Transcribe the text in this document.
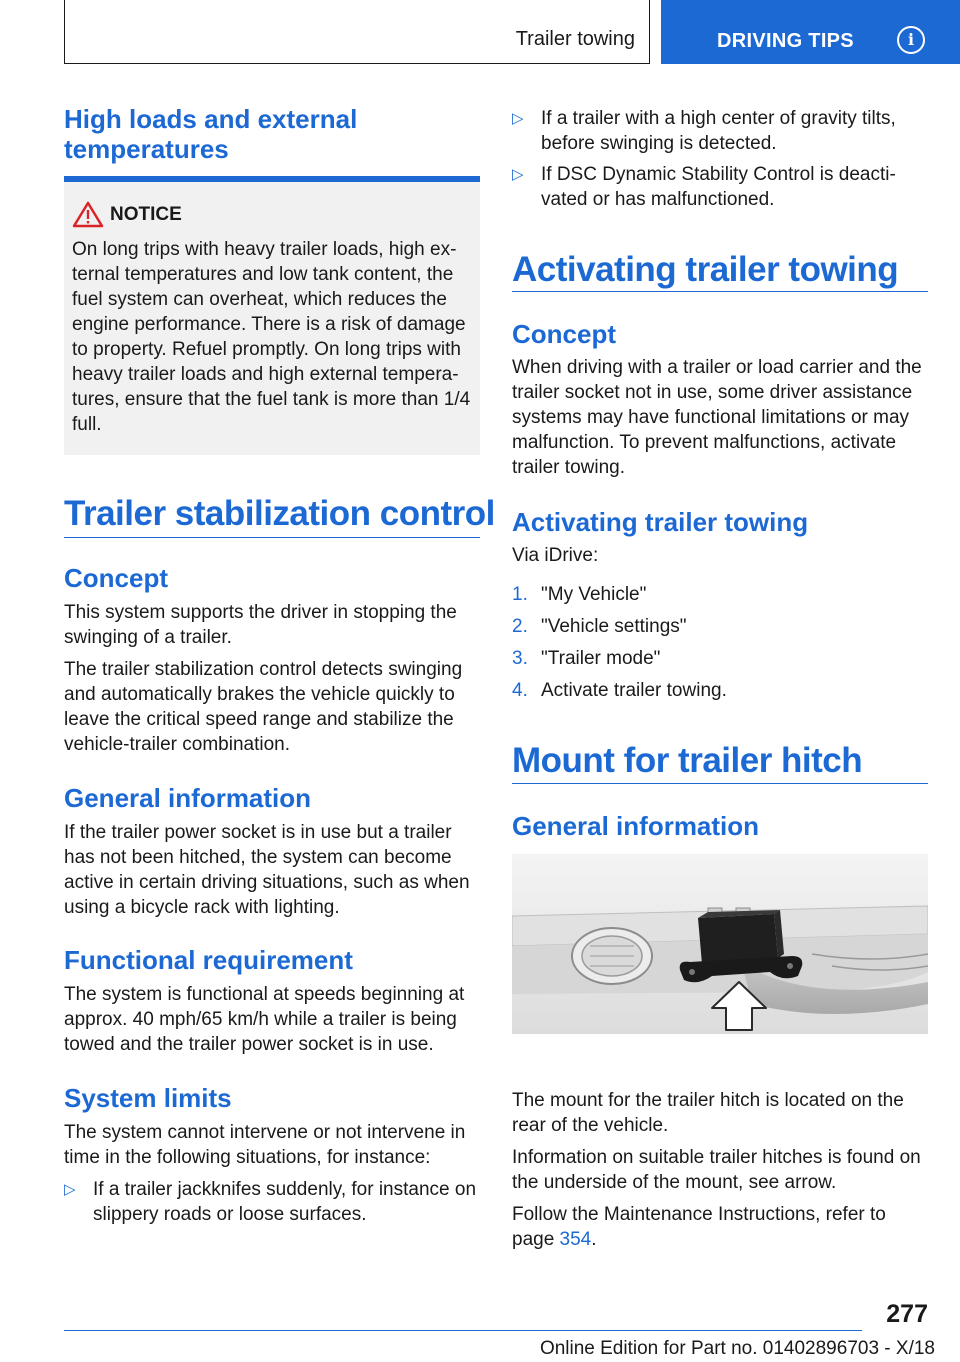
Trailer towing	DRIVING TIPS	i
High loads and external
temperatures
NOTICE
On long trips with heavy trailer loads, high external temperatures and low tank content, the fuel system can overheat, which reduces the engine performance. There is a risk of damage to property. Refuel promptly. On long trips with heavy trailer loads and high external temperatures, ensure that the fuel tank is more than 1/4 full.
Trailer stabilization control
Concept
This system supports the driver in stopping the swinging of a trailer.
The trailer stabilization control detects swinging and automatically brakes the vehicle quickly to leave the critical speed range and stabilize the vehicle-trailer combination.
General information
If the trailer power socket is in use but a trailer has not been hitched, the system can become active in certain driving situations, such as when using a bicycle rack with lighting.
Functional requirement
The system is functional at speeds beginning at approx. 40 mph/65 km/h while a trailer is being towed and the trailer power socket is in use.
System limits
The system cannot intervene or not intervene in time in the following situations, for instance:
▷ If a trailer jackknifes suddenly, for instance on slippery roads or loose surfaces.
▷ If a trailer with a high center of gravity tilts, before swinging is detected.
▷ If DSC Dynamic Stability Control is deactivated or has malfunctioned.
Activating trailer towing
Concept
When driving with a trailer or load carrier and the trailer socket not in use, some driver assistance systems may have functional limitations or may malfunction. To prevent malfunctions, activate trailer towing.
Activating trailer towing
Via iDrive:
1. "My Vehicle"
2. "Vehicle settings"
3. "Trailer mode"
4. Activate trailer towing.
Mount for trailer hitch
General information
The mount for the trailer hitch is located on the rear of the vehicle.
Information on suitable trailer hitches is found on the underside of the mount, see arrow.
Follow the Maintenance Instructions, refer to page 354.
277
Online Edition for Part no. 01402896703 - X/18
